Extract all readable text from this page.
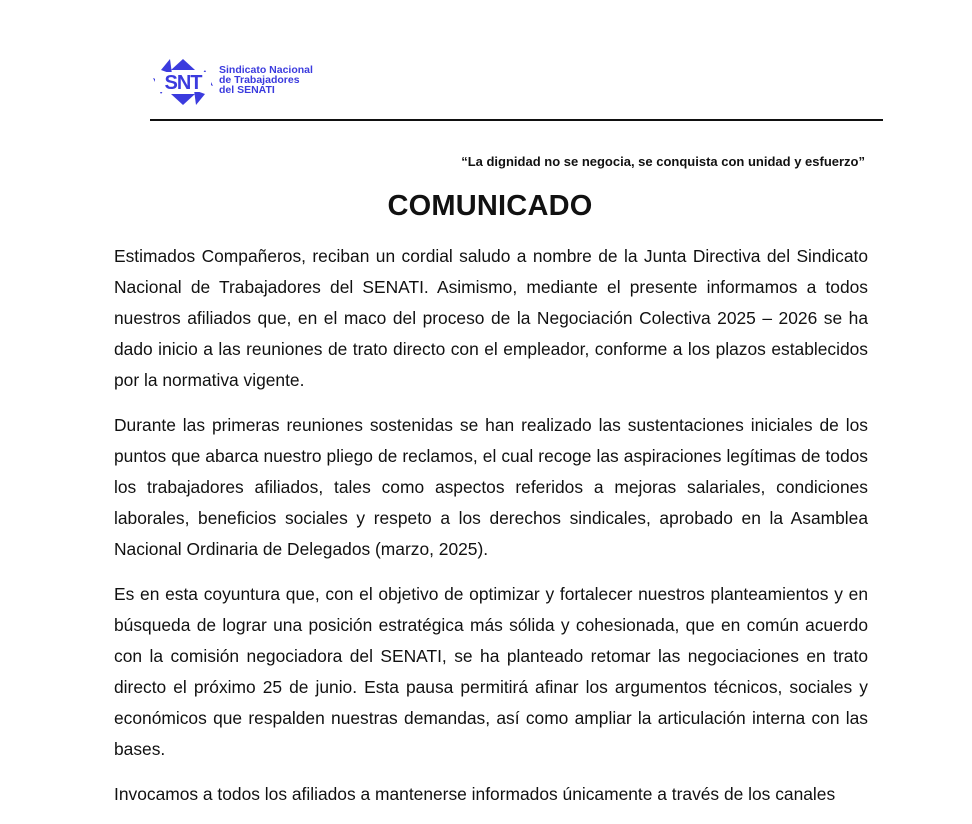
SNT
Sindicato Nacional
de Trabajadores
del SENATI
“La dignidad no se negocia, se conquista con unidad y esfuerzo”
COMUNICADO

Estimados Compañeros, reciban un cordial saludo a nombre de la Junta Directiva del Sindicato Nacional de Trabajadores del SENATI. Asimismo, mediante el presente informamos a todos nuestros afiliados que, en el maco del proceso de la Negociación Colectiva 2025 – 2026 se ha dado inicio a las reuniones de trato directo con el empleador, conforme a los plazos establecidos por la normativa vigente.

Durante las primeras reuniones sostenidas se han realizado las sustentaciones iniciales de los puntos que abarca nuestro pliego de reclamos, el cual recoge las aspiraciones legítimas de todos los trabajadores afiliados, tales como aspectos referidos a mejoras salariales, condiciones laborales, beneficios sociales y respeto a los derechos sindicales, aprobado en la Asamblea Nacional Ordinaria de Delegados (marzo, 2025).

Es en esta coyuntura que, con el objetivo de optimizar y fortalecer nuestros planteamientos y en búsqueda de lograr una posición estratégica más sólida y cohesionada, que en común acuerdo con la comisión negociadora del SENATI, se ha planteado retomar las negociaciones en trato directo el próximo 25 de junio. Esta pausa permitirá afinar los argumentos técnicos, sociales y económicos que respalden nuestras demandas, así como ampliar la articulación interna con las bases.

Invocamos a todos los afiliados a mantenerse informados únicamente a través de los canales
